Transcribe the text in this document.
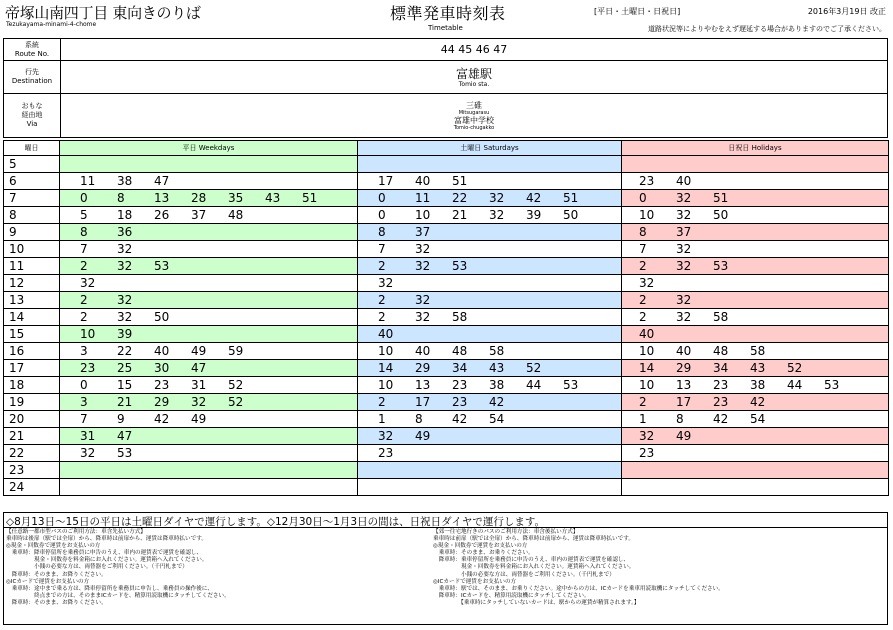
帝塚山南四丁目 東向きのりば
Tezukayama-minami-4-chome
標準発車時刻表
Timetable
[平日・土曜日・日祝日]	2016年3月19日 改正
道路状況等によりやむをえず遅延する場合がありますのでご了承ください。
系統
Route No.	44 45 46 47
行先
Destination	富雄駅
Tomio sta.

おもな
経由地
Via	三碓
Mitsugarasu
富雄中学校
Tomio-chugakko
曜日	平日 Weekdays	土曜日 Saturdays	日祝日 Holidays
5			
6	11 38 47	17 40 51	23 40
7	0 8 13 28 35 43 51	0 11 22 32 42 51	0 32 51
8	5 18 26 37 48	0 10 21 32 39 50	10 32 50
9	8 36	8 37	8 37
10	7 32	7 32	7 32
11	2 32 53	2 32 53	2 32 53
12	32	32	32
13	2 32	2 32	2 32
14	2 32 50	2 32 58	2 32 58
15	10 39	40	40
16	3 22 40 49 59	10 40 48 58	10 40 48 58
17	23 25 30 47	14 29 34 43 52	14 29 34 43 52
18	0 15 23 31 52	10 13 23 38 44 53	10 13 23 38 44 53
19	3 21 29 32 52	2 17 23 42	2 17 23 42
20	7 9 42 49	1 8 42 54	1 8 42 54
21	31 47	32 49	32 49
22	32 53	23	23
23			
24			
◇8月13日～15日の平日は土曜日ダイヤで運行します。◇12月30日～1月3日の間は、日祝日ダイヤで運行します。
【任意路一都市型バスのご利用方法：車含先払い方式】
乗車時は後扉（駅では全扉）から、降車時は前扉から、運賃は降車時払いです。
◎現金・回数券で運賃をお支払いの方
　乗車時：降車停留所を乗務員に申告のうえ、車内の運賃表で運賃を確認し、
　　　　　現金・回数券を料金箱にお入れください。運賃箱へ入れてください。
　　　　　小銭の必要な方は、両替器をご利用ください。（千円札まで）
　降車時：そのまま、お降りください。
◎ICカードで運賃をお支払いの方
　乗車時：途中まで乗る方は、降車停留所を乗務員に申告し、乗務員の操作後に、
　　　　　終点までの方は、そのままICカードを、精算用読取機にタッチしてください。
　降車時：そのまま、お降りください。
【郊一往宅地行きのバスのご利用方法：車含後払い方式】
乗車時は前扉（駅では全扉）から、降車時は前扉から、運賃は降車時払いです。
◎現金・回数券で運賃をお支払いの方
　乗車時：そのまま、お乗りください。
　降車時：乗車停留所を乗務員に申告のうえ、車内の運賃表で運賃を確認し、
　　　　　現金・回数券を料金箱にお入れください。運賃箱へ入れてください。
　　　　　小銭の必要な方は、両替器をご利用ください。（千円札まで）
◎ICカードで運賃をお支払いの方
　乗車時：駅では、そのまま、お乗りください。途中からの方は、ICカードを乗車用読取機にタッチしてください。
　降車時：ICカードを、精算用読取機にタッチしてください。
　　　　　【乗車時にタッチしていないカードは、駅からの運賃が精算されます。】
